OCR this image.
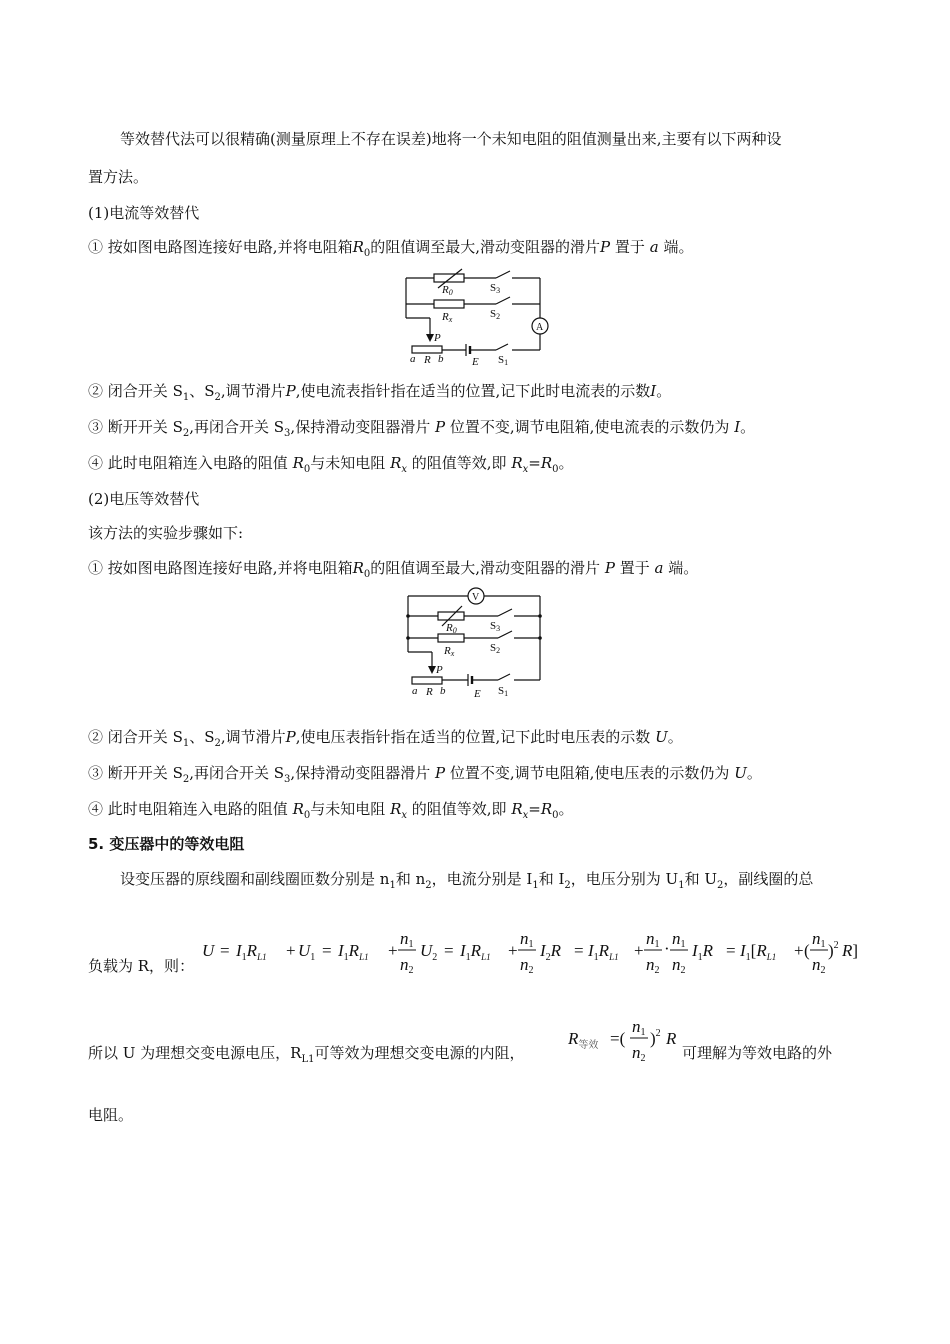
等效替代法可以很精确(测量原理上不存在误差)地将一个未知电阻的阻值测量出来,主要有以下两种设
置方法。
(1)电流等效替代
① 按如图电路图连接好电路,并将电阻箱$R_0$的阻值调至最大,滑动变阻器的滑片P 置于 a 端。
R0	S3
Rx	S2
A
P
a R b	E S1
② 闭合开关 $S_1$、$S_2$,调节滑片P,使电流表指针指在适当的位置,记下此时电流表的示数I。
③ 断开开关 $S_2$,再闭合开关 $S_3$,保持滑动变阻器滑片 P 位置不变,调节电阻箱,使电流表的示数仍为 I。
④ 此时电阻箱连入电路的阻值 $R_0$与未知电阻 $R_x$ 的阻值等效,即 $R_x=R_0$。
(2)电压等效替代
该方法的实验步骤如下:
① 按如图电路图连接好电路,并将电阻箱$R_0$的阻值调至最大,滑动变阻器的滑片 P 置于 a 端。
V
R0	S3
Rx	S2
P
a R b	E S1
② 闭合开关 $S_1$、$S_2$,调节滑片P,使电压表指针指在适当的位置,记下此时电压表的示数 U。
③ 断开开关 $S_2$,再闭合开关 $S_3$,保持滑动变阻器滑片 P 位置不变,调节电阻箱,使电压表的示数仍为 U。
④ 此时电阻箱连入电路的阻值 $R_0$与未知电阻 $R_x$ 的阻值等效,即 $R_x=R_0$。
5. 变压器中的等效电阻
设变压器的原线圈和副线圈匝数分别是 $n_1$和 $n_2$，电流分别是 $I_1$和 $I_2$，电压分别为 $U_1$和 $U_2$，副线圈的总
负载为 R，则：
$U = I_1R_{L1} + U_1 = I_1R_{L1}$ +
n1
n2
$U_2 = I_1R_{L1}$ +
n1
n2
$I_2R = I_1R_{L1}$ +
n1
n2
·
n1
n2
$I_1R = I_1[R_{L1}$ + (
n1
n2
)$^2$ R]
所以 U 为理想交变电源电压，$R_{L1}$可等效为理想交变电源的内阻，
$R_{等效}$ =(
n1
n2
)$^2$ R
可理解为等效电路的外
电阻。
